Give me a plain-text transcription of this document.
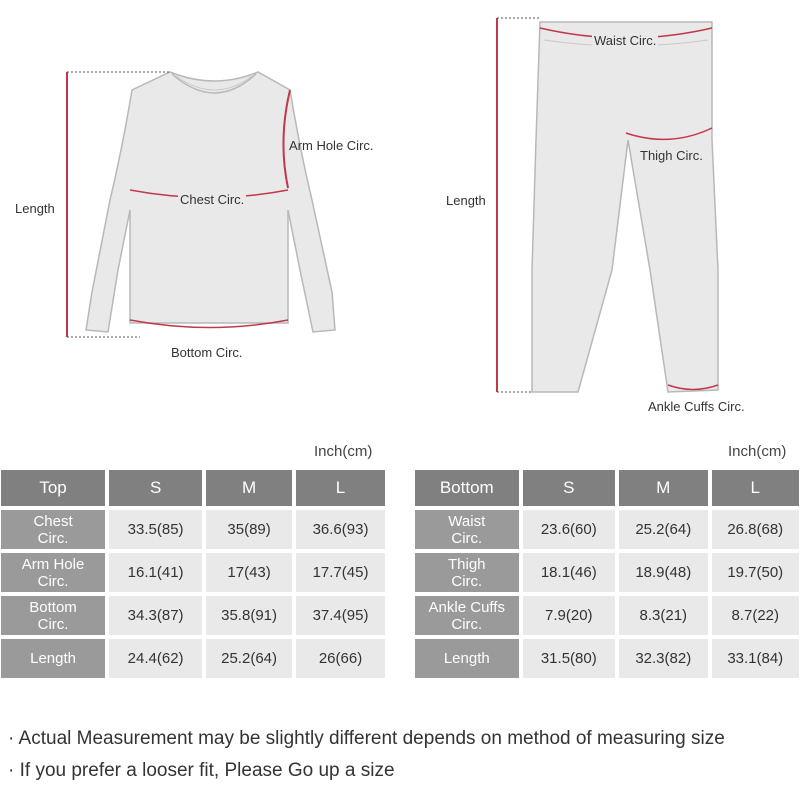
Length
Arm Hole Circ.
Chest Circ.
Bottom Circ.
Length
Waist Circ.
Thigh Circ.
Ankle Cuffs Circ.
Inch(cm)	Inch(cm)
Top	S	M	L
Chest
Circ.	33.5(85)	35(89)	36.6(93)
Arm Hole
Circ.	16.1(41)	17(43)	17.7(45)
Bottom
Circ.	34.3(87)	35.8(91)	37.4(95)
Length	24.4(62)	25.2(64)	26(66)
Bottom	S	M	L
Waist
Circ.	23.6(60)	25.2(64)	26.8(68)
Thigh
Circ.	18.1(46)	18.9(48)	19.7(50)
Ankle Cuffs
Circ.	7.9(20)	8.3(21)	8.7(22)
Length	31.5(80)	32.3(82)	33.1(84)
· Actual Measurement may be slightly different depends on method of measuring size
· If you prefer a looser fit, Please Go up a size
